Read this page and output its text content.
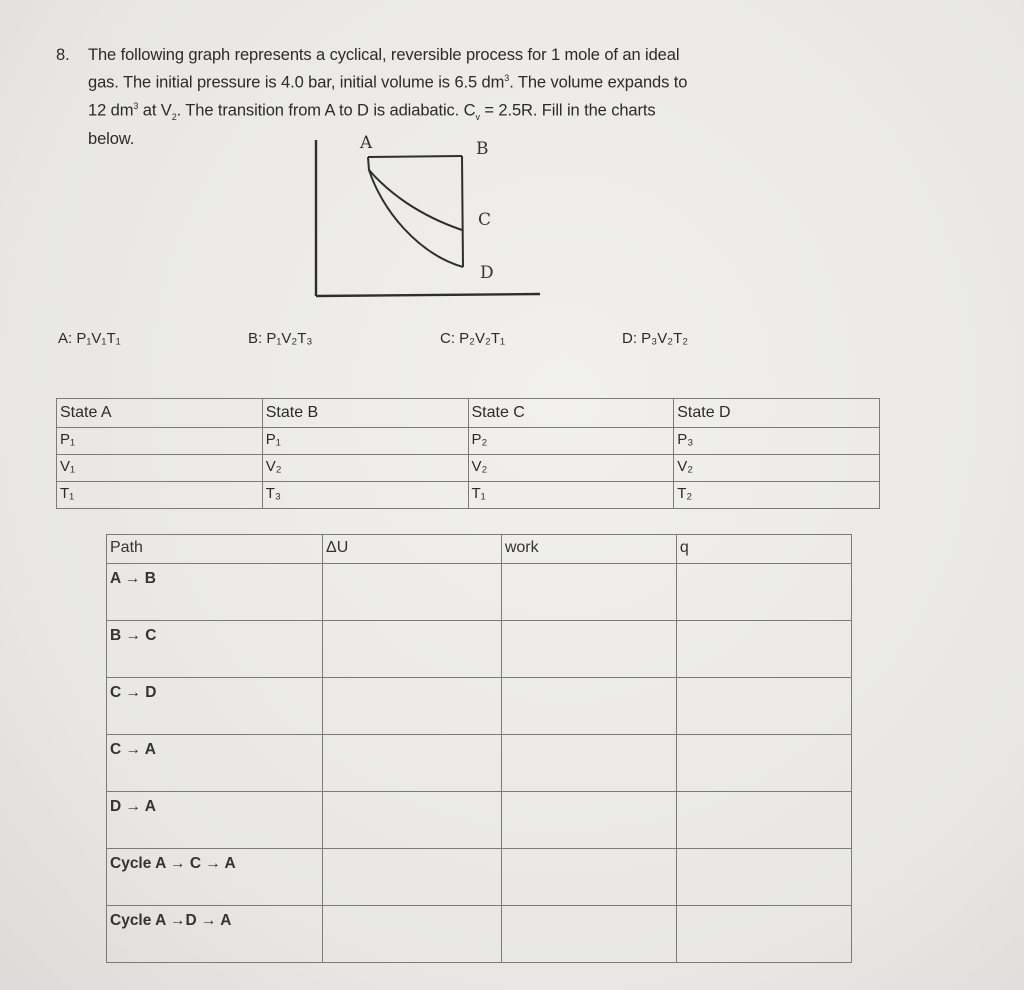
8. The following graph represents a cyclical, reversible process for 1 mole of an ideal
gas. The initial pressure is 4.0 bar, initial volume is 6.5 $dm^3$. The volume expands to
12 $dm^3$ at $V_2$. The transition from A to D is adiabatic. $C_v = 2.5R$. Fill in the charts
below.	A	B
C
D
A: P₁V₁T₁	B: P₁V₂T₃	C: P₂V₂T₁	D: P₃V₂T₂
State A	State B	State C	State D
P₁	P₁	P₂	P₃
V₁	V₂	V₂	V₂
T₁	T₃	T₁	T₂
Path	ΔU	work	q
A → B			
B → C			
C → D			
C → A			
D → A			
Cycle A → C → A			
Cycle A →D → A			
